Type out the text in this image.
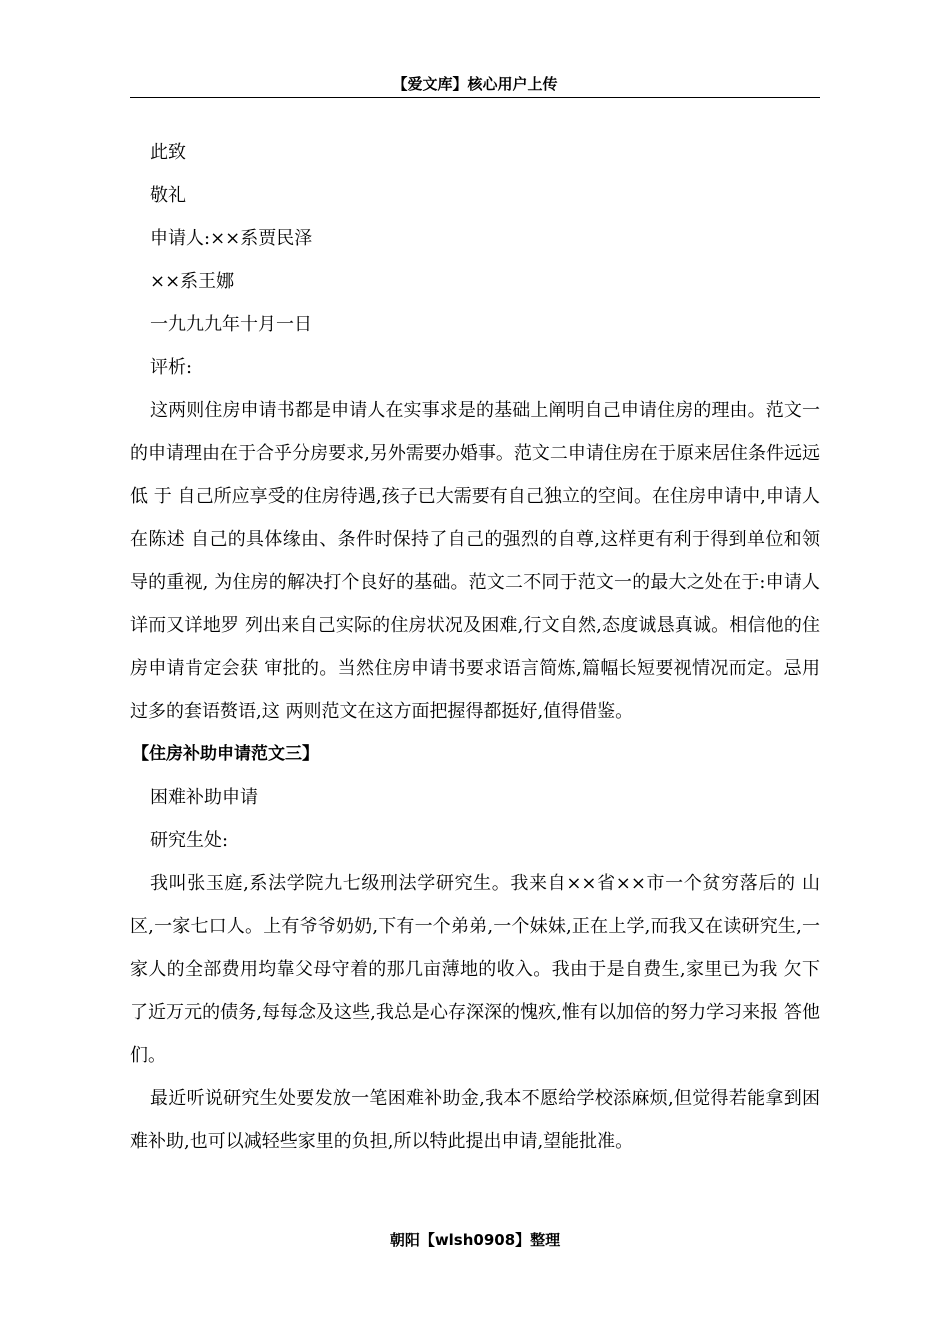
【爱文库】核心用户上传

此致

敬礼

申请人:××系贾民泽

××系王娜

一九九九年十月一日

评析:

这两则住房申请书都是申请人在实事求是的基础上阐明自己申请住房的理由。范文一 的申请理由在于合乎分房要求,另外需要办婚事。范文二申请住房在于原来居住条件远远低 于 自己所应享受的住房待遇,孩子已大需要有自己独立的空间。在住房申请中,申请人在陈述 自己的具体缘由、条件时保持了自己的强烈的自尊,这样更有利于得到单位和领导的重视, 为住房的解决打个良好的基础。范文二不同于范文一的最大之处在于:申请人详而又详地罗 列出来自己实际的住房状况及困难,行文自然,态度诚恳真诚。相信他的住房申请肯定会获 审批的。当然住房申请书要求语言简炼,篇幅长短要视情况而定。忌用过多的套语赘语,这 两则范文在这方面把握得都挺好,值得借鉴。

【住房补助申请范文三】

困难补助申请

研究生处:

我叫张玉庭,系法学院九七级刑法学研究生。我来自××省××市一个贫穷落后的 山区,一家七口人。上有爷爷奶奶,下有一个弟弟,一个妹妹,正在上学,而我又在读研究生,一家人的全部费用均靠父母守着的那几亩薄地的收入。我由于是自费生,家里已为我 欠下了近万元的债务,每每念及这些,我总是心存深深的愧疚,惟有以加倍的努力学习来报 答他们。

最近听说研究生处要发放一笔困难补助金,我本不愿给学校添麻烦,但觉得若能拿到困 难补助,也可以减轻些家里的负担,所以特此提出申请,望能批准。

朝阳【wlsh0908】整理
